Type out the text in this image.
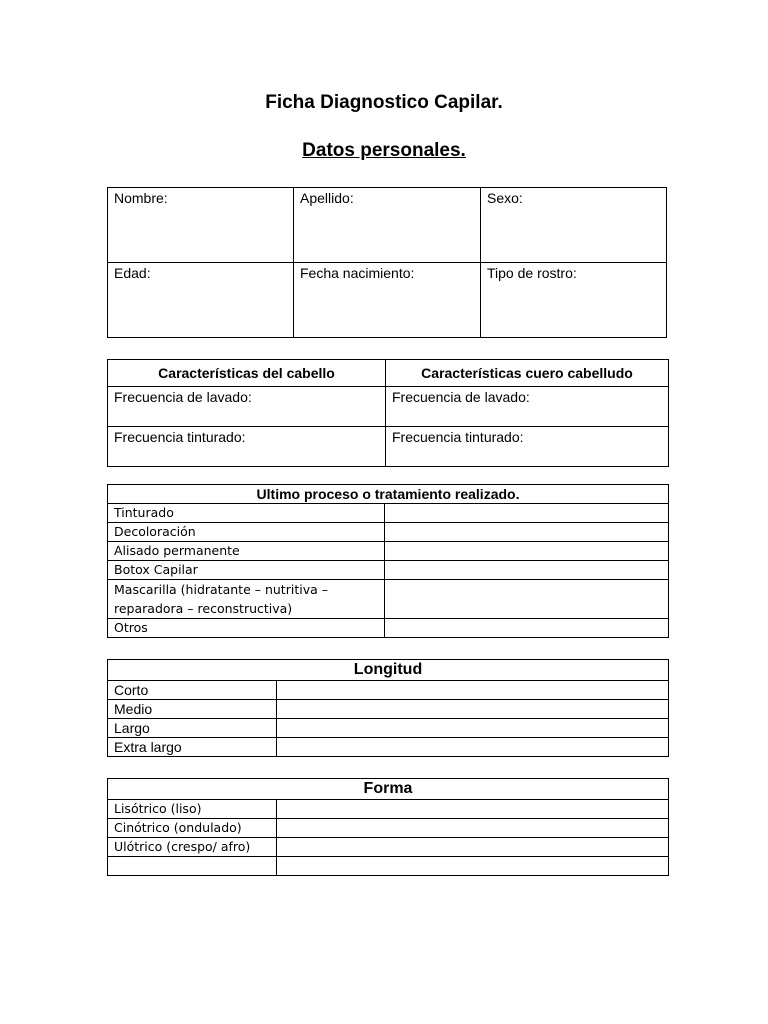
Ficha Diagnostico Capilar.
Datos personales.
Nombre:	Apellido:	Sexo:
Edad:	Fecha nacimiento:	Tipo de rostro:
Características del cabello	Características cuero cabelludo
Frecuencia de lavado:	Frecuencia de lavado:
Frecuencia tinturado:	Frecuencia tinturado:
Ultimo proceso o tratamiento realizado.	
Tinturado	
Decoloración	
Alisado permanente	
Botox Capilar	
Mascarilla (hidratante – nutritiva – reparadora – reconstructiva)	
Otros	
Longitud	
Corto	
Medio	
Largo	
Extra largo	
Forma	
Lisótrico (liso)	
Cinótrico (ondulado)	
Ulótrico (crespo/ afro)	
